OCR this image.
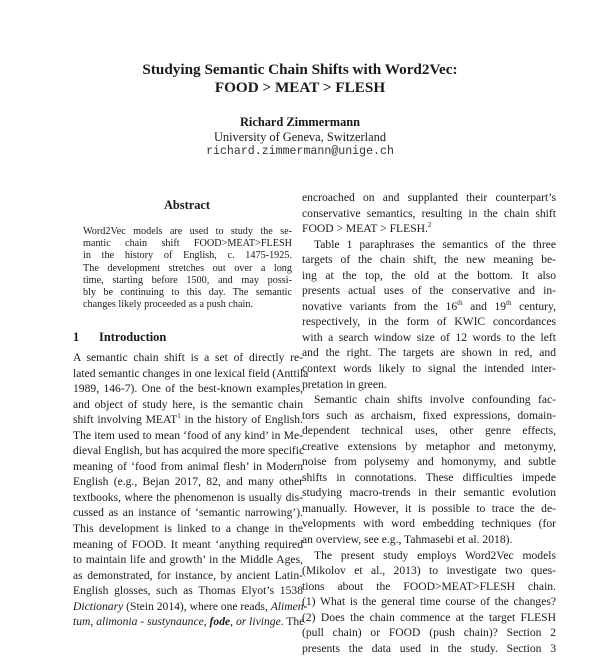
Studying Semantic Chain Shifts with Word2Vec:
FOOD > MEAT > FLESH
Richard Zimmermann
University of Geneva, Switzerland
richard.zimmermann@unige.ch
Abstract
Word2Vec models are used to study the se-
mantic chain shift FOOD>MEAT>FLESH
in the history of English, c. 1475-1925.
The development stretches out over a long
time, starting before 1500, and may possi-
bly be continuing to this day. The semantic
changes likely proceeded as a push chain.
1 Introduction
A semantic chain shift is a set of directly re-
lated semantic changes in one lexical field (Anttila
1989, 146-7). One of the best-known examples,
and object of study here, is the semantic chain
shift involving MEAT$^1$ in the history of English.
The item used to mean ‘food of any kind’ in Me-
dieval English, but has acquired the more specific
meaning of ‘food from animal flesh’ in Modern
English (e.g., Bejan 2017, 82, and many other
textbooks, where the phenomenon is usually dis-
cussed as an instance of ‘semantic narrowing’).
This development is linked to a change in the
meaning of FOOD. It meant ‘anything required
to maintain life and growth’ in the Middle Ages,
as demonstrated, for instance, by ancient Latin-
English glosses, such as Thomas Elyot’s 1538
Dictionary (Stein 2014), where one reads, Alimen-
tum, alimonia - sustynaunce, fode, or livinge. The
encroached on and supplanted their counterpart’s
conservative semantics, resulting in the chain shift
FOOD > MEAT > FLESH.$^2$
Table 1 paraphrases the semantics of the three
targets of the chain shift, the new meaning be-
ing at the top, the old at the bottom. It also
presents actual uses of the conservative and in-
novative variants from the 16th and 19th century,
respectively, in the form of KWIC concordances
with a search window size of 12 words to the left
and the right. The targets are shown in red, and
context words likely to signal the intended inter-
pretation in green.
Semantic chain shifts involve confounding fac-
tors such as archaism, fixed expressions, domain-
dependent technical uses, other genre effects,
creative extensions by metaphor and metonymy,
noise from polysemy and homonymy, and subtle
shifts in connotations. These difficulties impede
studying macro-trends in their semantic evolution
manually. However, it is possible to trace the de-
velopments with word embedding techniques (for
an overview, see e.g., Tahmasebi et al. 2018).
The present study employs Word2Vec models
(Mikolov et al., 2013) to investigate two ques-
tions about the FOOD>MEAT>FLESH chain.
(1) What is the general time course of the changes?
(2) Does the chain commence at the target FLESH
(pull chain) or FOOD (push chain)? Section 2
presents the data used in the study. Section 3
